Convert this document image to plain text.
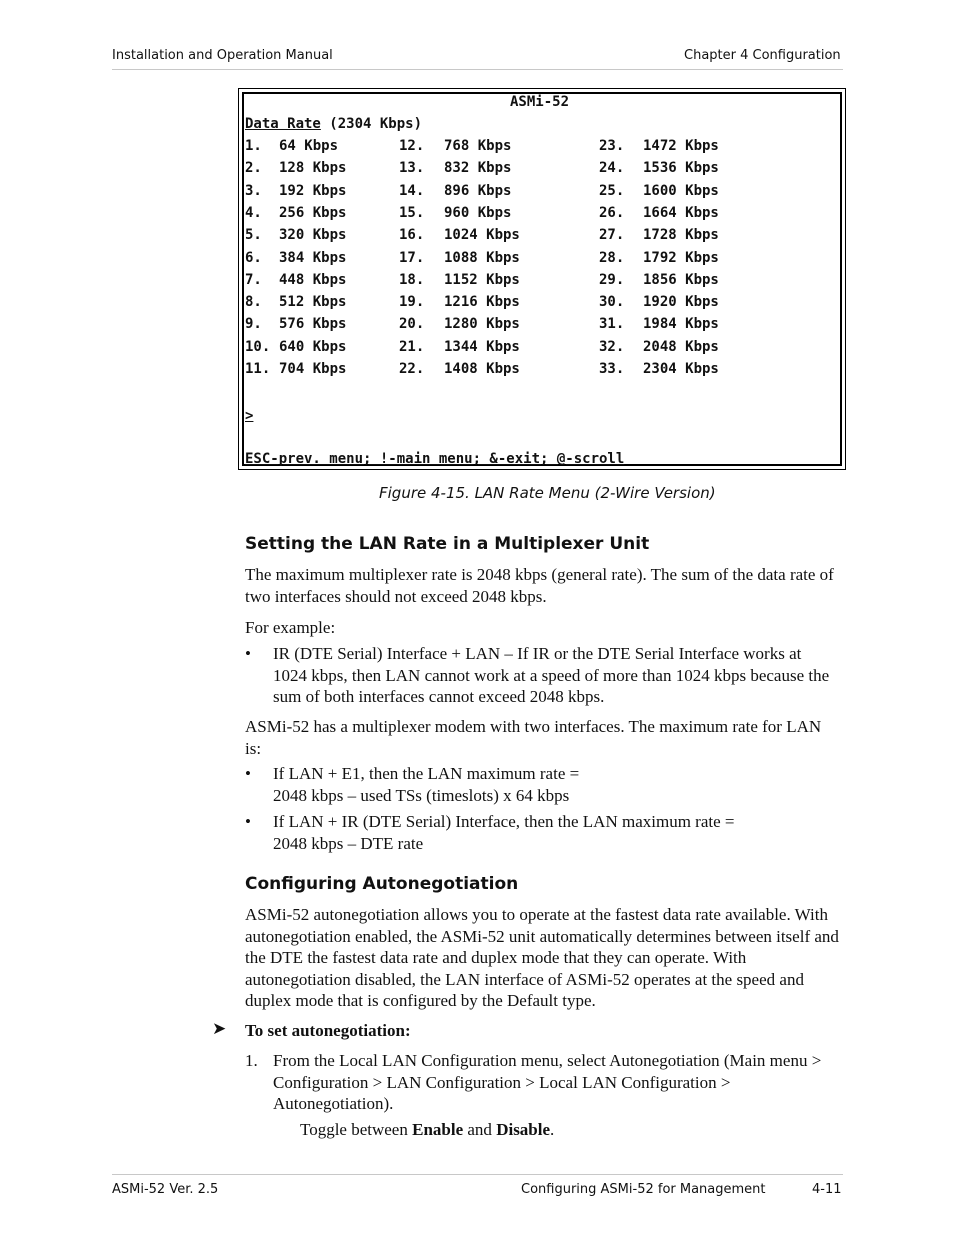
Installation and Operation Manual	Chapter 4 Configuration
ASMi-52
Data Rate (2304 Kbps)
1. 64 Kbps	12. 768 Kbps	23. 1472 Kbps
2. 128 Kbps	13. 832 Kbps	24. 1536 Kbps
3. 192 Kbps	14. 896 Kbps	25. 1600 Kbps
4. 256 Kbps	15. 960 Kbps	26. 1664 Kbps
5. 320 Kbps	16. 1024 Kbps	27. 1728 Kbps
6. 384 Kbps	17. 1088 Kbps	28. 1792 Kbps
7. 448 Kbps	18. 1152 Kbps	29. 1856 Kbps
8. 512 Kbps	19. 1216 Kbps	30. 1920 Kbps
9. 576 Kbps	20. 1280 Kbps	31. 1984 Kbps
10. 640 Kbps	21. 1344 Kbps	32. 2048 Kbps
11. 704 Kbps	22. 1408 Kbps	33. 2304 Kbps
>
ESC-prev. menu; !-main menu; &-exit; @-scroll
Figure 4-15. LAN Rate Menu (2-Wire Version)
Setting the LAN Rate in a Multiplexer Unit
The maximum multiplexer rate is 2048 kbps (general rate). The sum of the data rate of two interfaces should not exceed 2048 kbps.
For example:
• IR (DTE Serial) Interface + LAN – If IR or the DTE Serial Interface works at 1024 kbps, then LAN cannot work at a speed of more than 1024 kbps because the sum of both interfaces cannot exceed 2048 kbps.
ASMi-52 has a multiplexer modem with two interfaces. The maximum rate for LAN is:
• If LAN + E1, then the LAN maximum rate =
2048 kbps – used TSs (timeslots) x 64 kbps
• If LAN + IR (DTE Serial) Interface, then the LAN maximum rate =
2048 kbps – DTE rate
Configuring Autonegotiation
ASMi-52 autonegotiation allows you to operate at the fastest data rate available. With autonegotiation enabled, the ASMi-52 unit automatically determines between itself and the DTE the fastest data rate and duplex mode that they can operate. With autonegotiation disabled, the LAN interface of ASMi-52 operates at the speed and duplex mode that is configured by the Default type.
➤ To set autonegotiation:
1. From the Local LAN Configuration menu, select Autonegotiation (Main menu > Configuration > LAN Configuration > Local LAN Configuration > Autonegotiation).
Toggle between Enable and Disable.
ASMi-52 Ver. 2.5	Configuring ASMi-52 for Management	4-11
